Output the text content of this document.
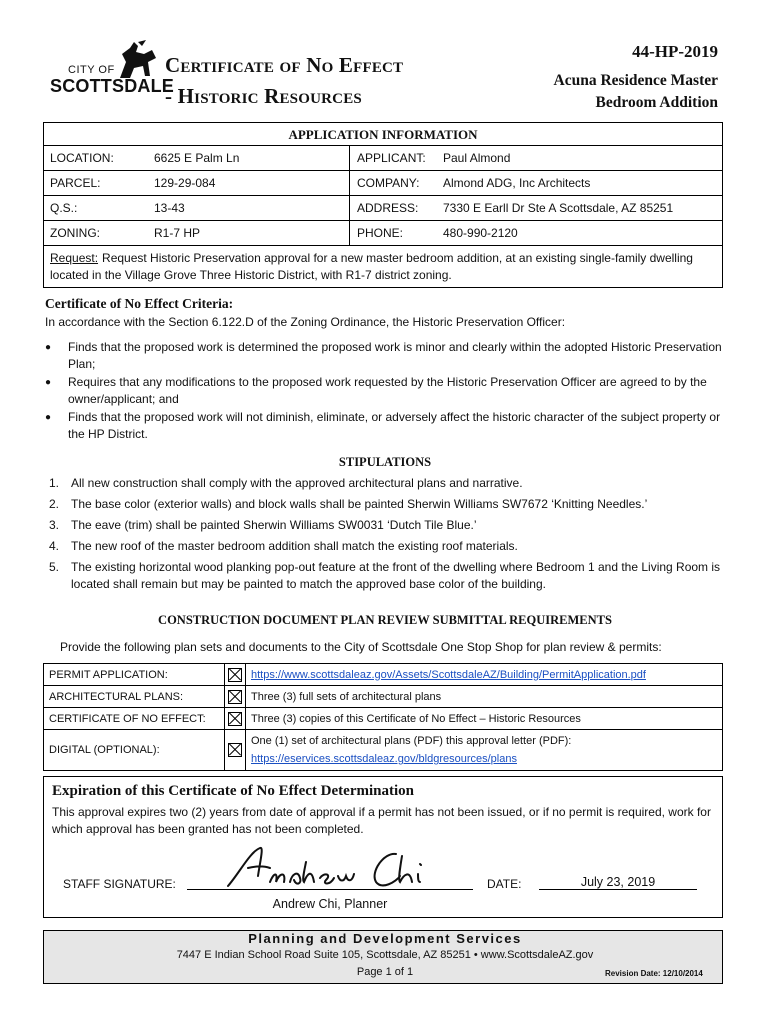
CITY OF
SCOTTSDALE
Certificate of No Effect
- Historic Resources
44-HP-2019
Acuna Residence Master
Bedroom Addition
APPLICATION INFORMATION
LOCATION:	6625 E Palm Ln	APPLICANT: Paul Almond
PARCEL:	129-29-084	COMPANY: Almond ADG, Inc Architects
Q.S.:	13-43	ADDRESS: 7330 E Earll Dr Ste A Scottsdale, AZ 85251
ZONING:	R1-7 HP	PHONE:	480-990-2120
Request: Request Historic Preservation approval for a new master bedroom addition, at an existing single-family dwelling located in the Village Grove Three Historic District, with R1-7 district zoning.
Certificate of No Effect Criteria:
In accordance with the Section 6.122.D of the Zoning Ordinance, the Historic Preservation Officer:
● Finds that the proposed work is determined the proposed work is minor and clearly within the adopted Historic Preservation Plan;
● Requires that any modifications to the proposed work requested by the Historic Preservation Officer are agreed to by the owner/applicant; and
● Finds that the proposed work will not diminish, eliminate, or adversely affect the historic character of the subject property or the HP District.
STIPULATIONS
1. All new construction shall comply with the approved architectural plans and narrative.
2. The base color (exterior walls) and block walls shall be painted Sherwin Williams SW7672 ‘Knitting Needles.’
3. The eave (trim) shall be painted Sherwin Williams SW0031 ‘Dutch Tile Blue.’
4. The new roof of the master bedroom addition shall match the existing roof materials.
5. The existing horizontal wood planking pop-out feature at the front of the dwelling where Bedroom 1 and the Living Room is located shall remain but may be painted to match the approved base color of the building.
CONSTRUCTION DOCUMENT PLAN REVIEW SUBMITTAL REQUIREMENTS
Provide the following plan sets and documents to the City of Scottsdale One Stop Shop for plan review & permits:
PERMIT APPLICATION:		https://www.scottsdaleaz.gov/Assets/ScottsdaleAZ/Building/PermitApplication.pdf
ARCHITECTURAL PLANS:		Three (3) full sets of architectural plans
CERTIFICATE OF NO EFFECT:		Three (3) copies of this Certificate of No Effect – Historic Resources
DIGITAL (OPTIONAL):		One (1) set of architectural plans (PDF) this approval letter (PDF):
https://eservices.scottsdaleaz.gov/bldgresources/plans
Expiration of this Certificate of No Effect Determination
This approval expires two (2) years from date of approval if a permit has not been issued, or if no permit is required, work for which approval has been granted has not been completed.
STAFF SIGNATURE:
Andrew Chi, Planner
DATE:	July 23, 2019
Planning and Development Services
7447 E Indian School Road Suite 105, Scottsdale, AZ 85251 • www.ScottsdaleAZ.gov
Page 1 of 1	Revision Date: 12/10/2014
